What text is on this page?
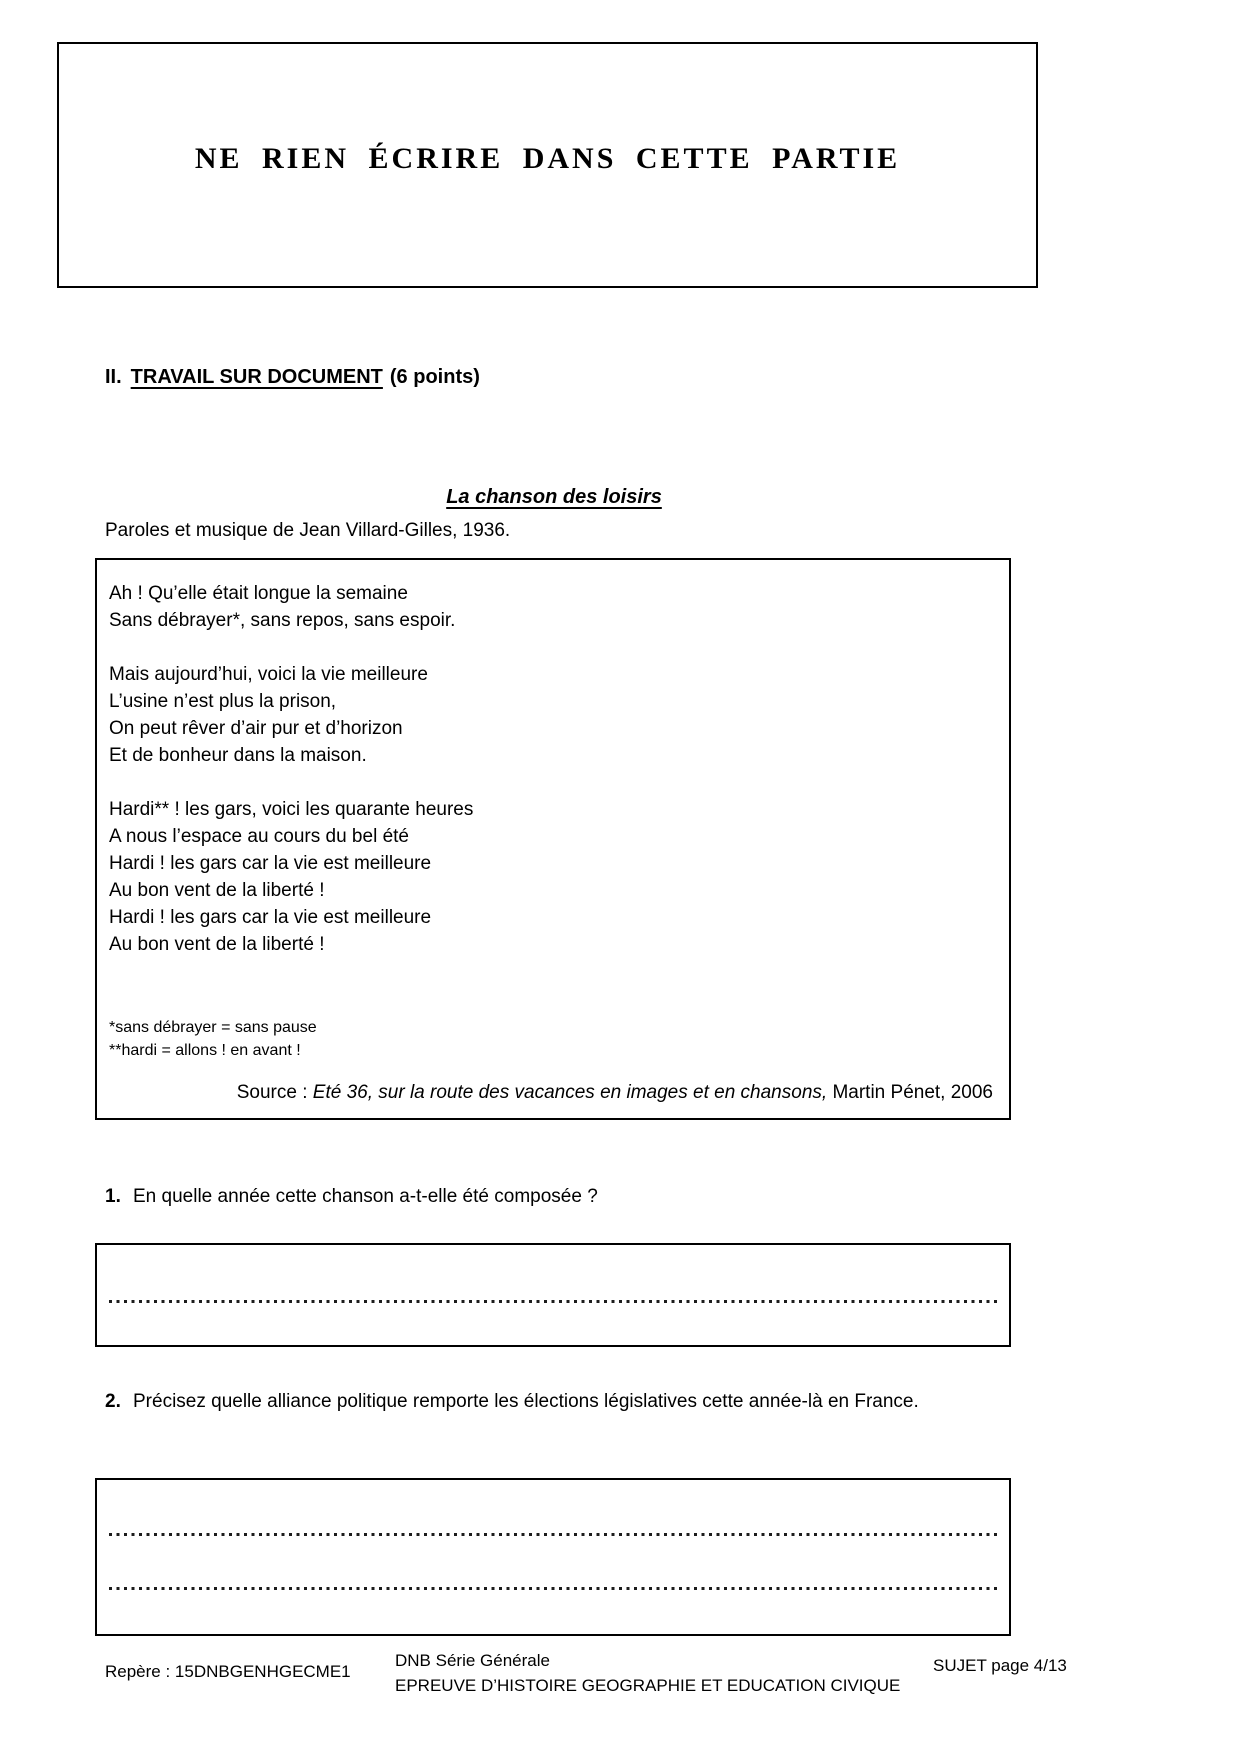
NE RIEN ÉCRIRE DANS CETTE PARTIE
II. TRAVAIL SUR DOCUMENT (6 points)
La chanson des loisirs
Paroles et musique de Jean Villard-Gilles, 1936.
Ah ! Qu’elle était longue la semaine
Sans débrayer*, sans repos, sans espoir.
Mais aujourd’hui, voici la vie meilleure
L’usine n’est plus la prison,
On peut rêver d’air pur et d’horizon
Et de bonheur dans la maison.
Hardi** ! les gars, voici les quarante heures
A nous l’espace au cours du bel été
Hardi ! les gars car la vie est meilleure
Au bon vent de la liberté !
Hardi ! les gars car la vie est meilleure
Au bon vent de la liberté !
*sans débrayer = sans pause
**hardi = allons ! en avant !
Source : Eté 36, sur la route des vacances en images et en chansons, Martin Pénet, 2006
1. En quelle année cette chanson a-t-elle été composée ?
2. Précisez quelle alliance politique remporte les élections législatives cette année-là en France.
Repère : 15DNBGENHGECME1
DNB Série Générale
EPREUVE D’HISTOIRE GEOGRAPHIE ET EDUCATION CIVIQUE
SUJET page 4/13
